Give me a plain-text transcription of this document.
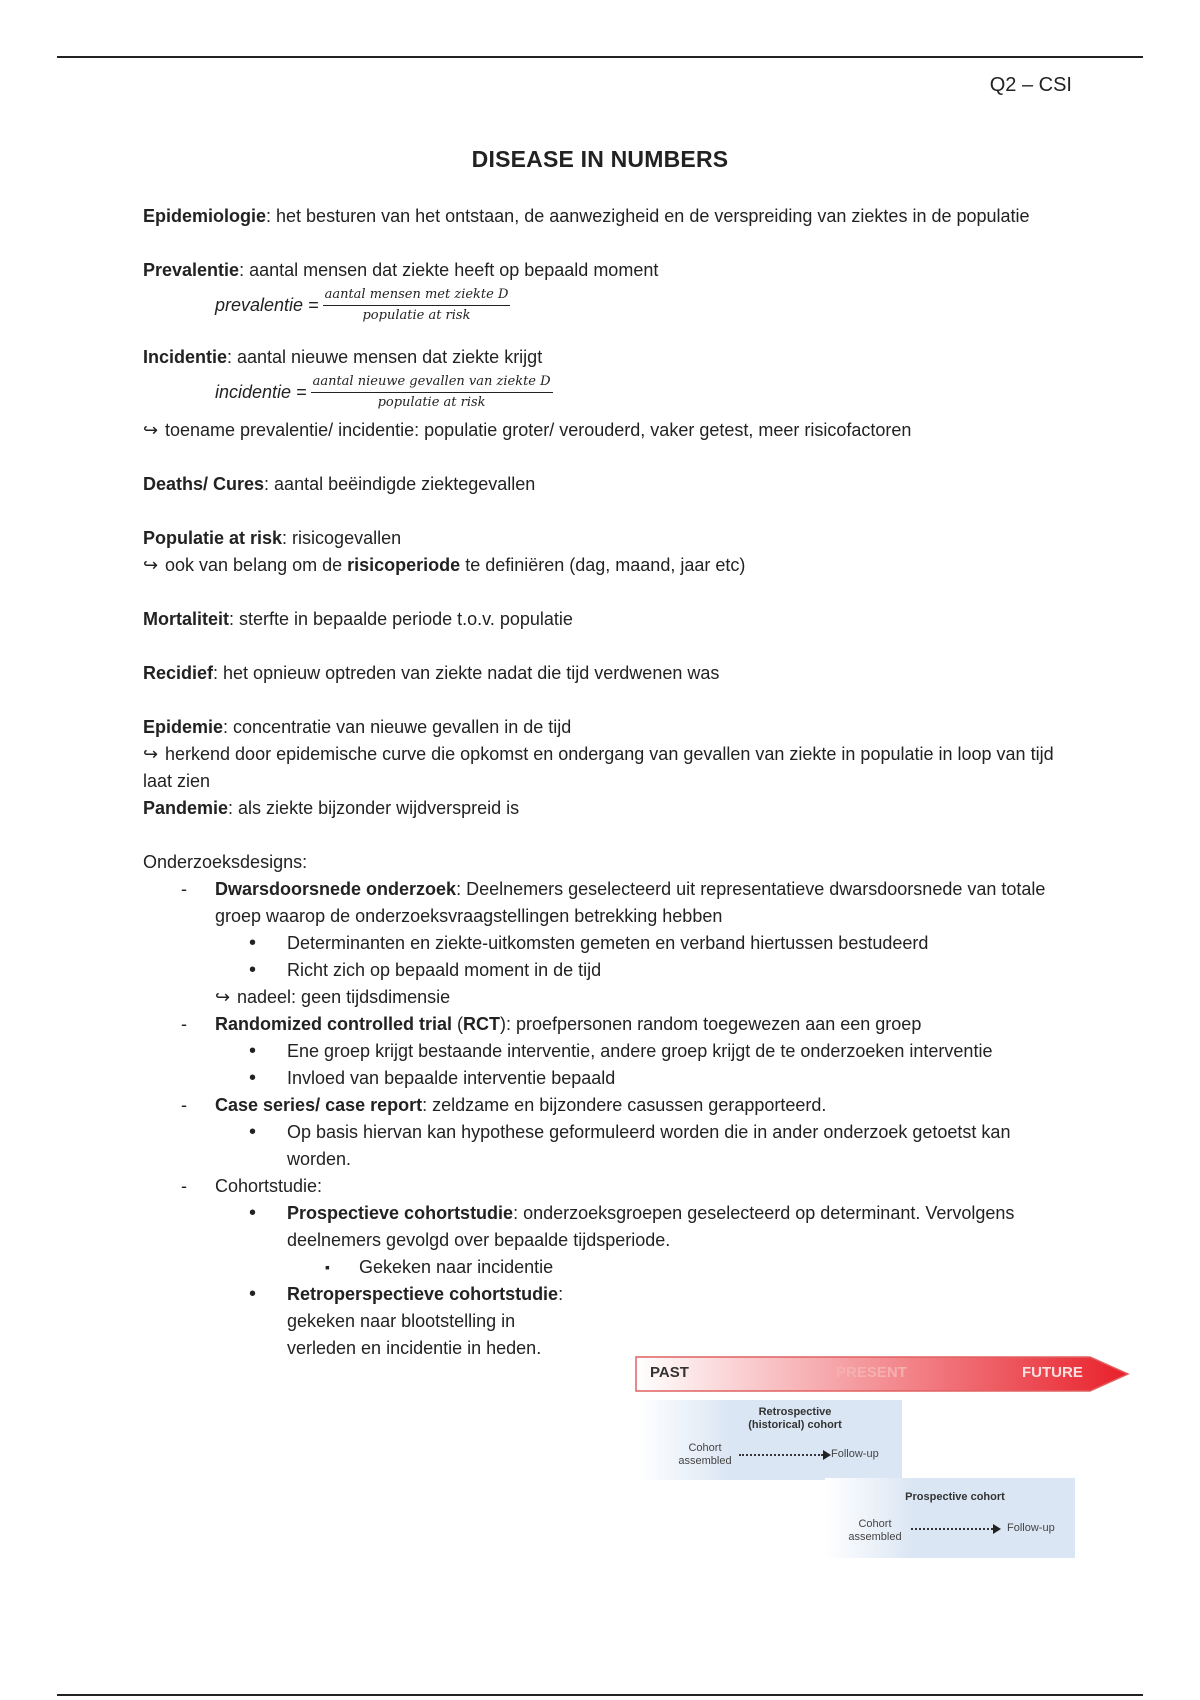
Q2 – CSI
DISEASE IN NUMBERS

Epidemiologie: het besturen van het ontstaan, de aanwezigheid en de verspreiding van ziektes in de populatie

Prevalentie: aantal mensen dat ziekte heeft op bepaald moment

prevalentie = $\frac{\text{aantal mensen met ziekte D}}{\text{populatie at risk}}$

Incidentie: aantal nieuwe mensen dat ziekte krijgt

incidentie = $\frac{\text{aantal nieuwe gevallen van ziekte D}}{\text{populatie at risk}}$

↪ toename prevalentie/ incidentie: populatie groter/ verouderd, vaker getest, meer risicofactoren

Deaths/ Cures: aantal beëindigde ziektegevallen

Populatie at risk: risicogevallen

↪ ook van belang om de risicoperiode te definiëren (dag, maand, jaar etc)

Mortaliteit: sterfte in bepaalde periode t.o.v. populatie

Recidief: het opnieuw optreden van ziekte nadat die tijd verdwenen was

Epidemie: concentratie van nieuwe gevallen in de tijd

↪ herkend door epidemische curve die opkomst en ondergang van gevallen van ziekte in populatie in loop van tijd laat zien

Pandemie: als ziekte bijzonder wijdverspreid is

Onderzoeksdesigns:

- Dwarsdoorsnede onderzoek: Deelnemers geselecteerd uit representatieve dwarsdoorsnede van totale groep waarop de onderzoeksvraagstellingen betrekking hebben
• Determinanten en ziekte-uitkomsten gemeten en verband hiertussen bestudeerd
• Richt zich op bepaald moment in de tijd
↪ nadeel: geen tijdsdimensie
- Randomized controlled trial (RCT): proefpersonen random toegewezen aan een groep
• Ene groep krijgt bestaande interventie, andere groep krijgt de te onderzoeken interventie
• Invloed van bepaalde interventie bepaald
- Case series/ case report: zeldzame en bijzondere casussen gerapporteerd.
• Op basis hiervan kan hypothese geformuleerd worden die in ander onderzoek getoetst kan worden.
- Cohortstudie:
• Prospectieve cohortstudie: onderzoeksgroepen geselecteerd op determinant. Vervolgens deelnemers gevolgd over bepaalde tijdsperiode.
▪ Gekeken naar incidentie
• Retroperspectieve cohortstudie: gekeken naar blootstelling in verleden en incidentie in heden.
PAST	PRESENT	FUTURE
Retrospective (historical) cohort
Cohort assembled
Follow-up
Prospective cohort
Cohort assembled
Follow-up
